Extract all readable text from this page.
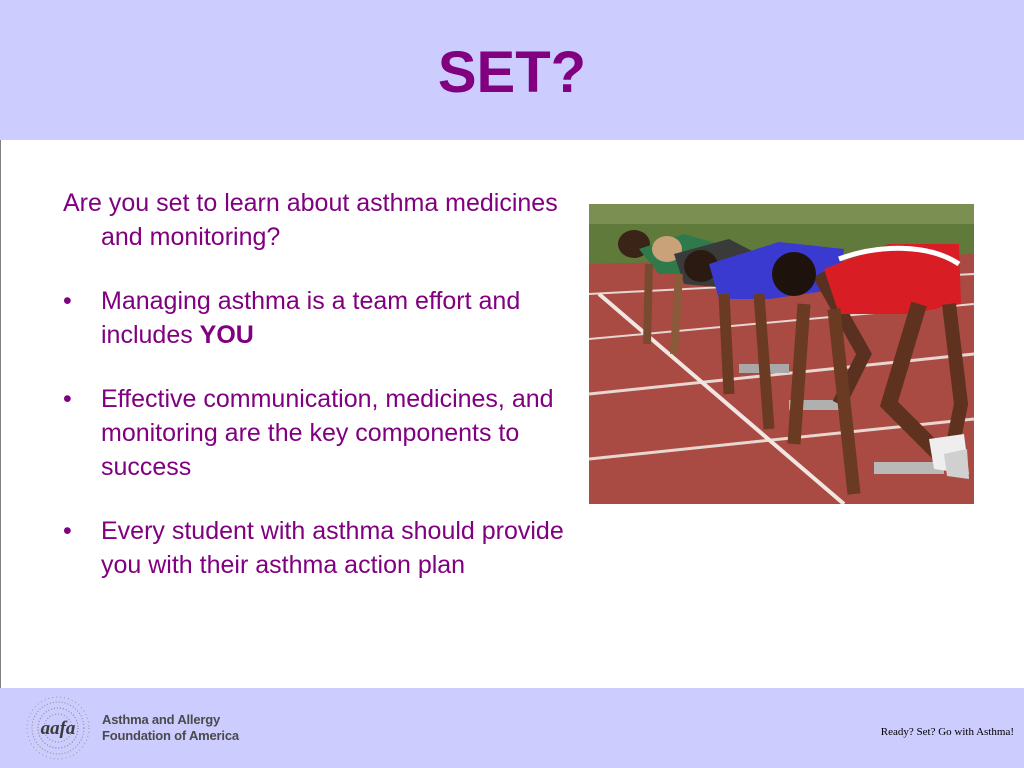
SET?

Are you set to learn about asthma medicines and monitoring?

• Managing asthma is a team effort and includes YOU
• Effective communication, medicines, and monitoring are the key components to success
• Every student with asthma should provide you with their asthma action plan
aafa Asthma and Allergy
Foundation of America	Ready? Set? Go with Asthma!
